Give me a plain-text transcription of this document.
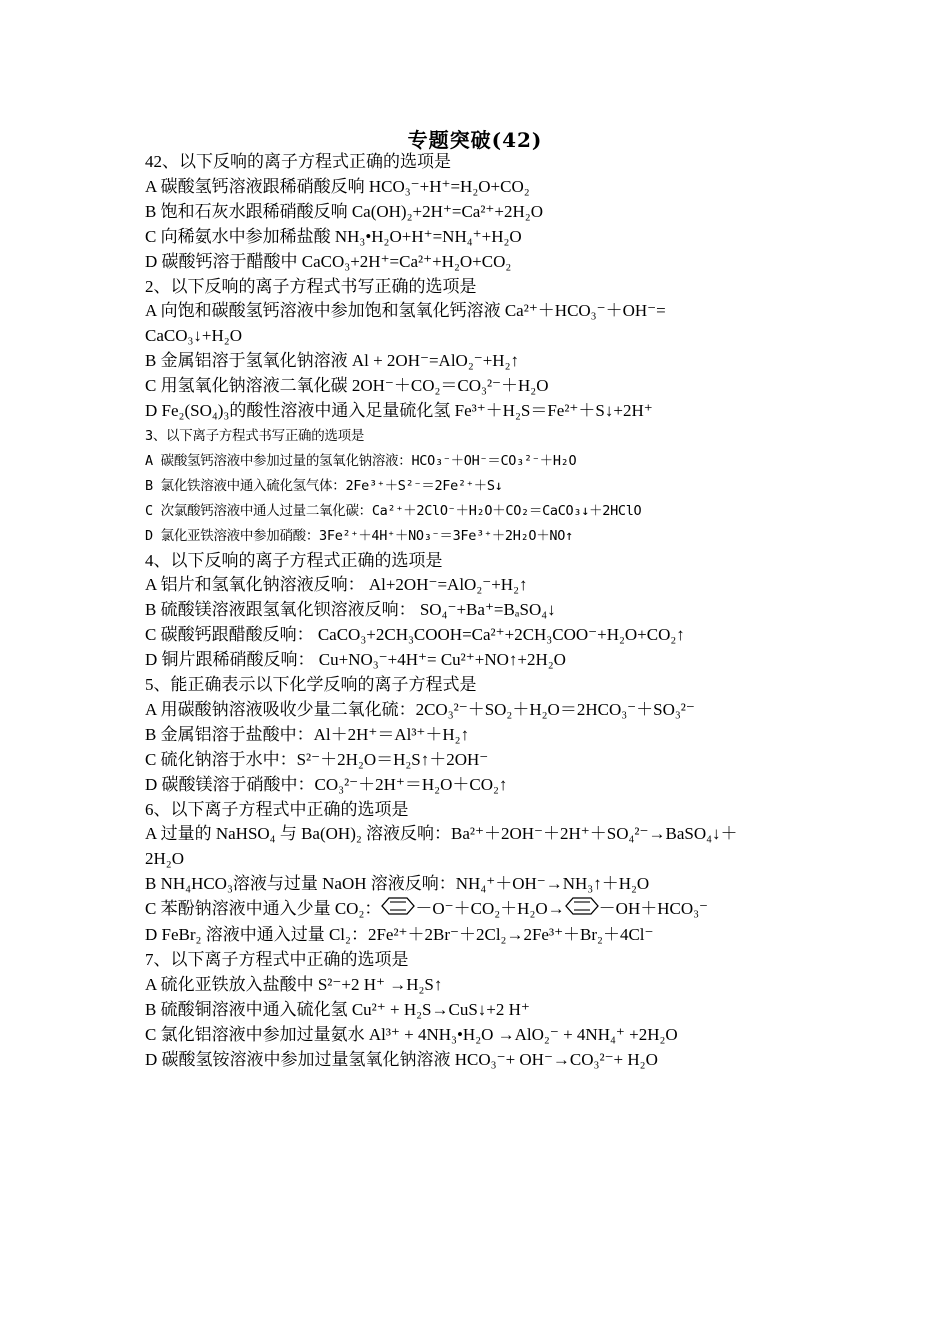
专题突破(42)
42、以下反响的离子方程式正确的选项是
A 碳酸氢钙溶液跟稀硝酸反响 HCO₃⁻+H⁺=H₂O+CO₂
B 饱和石灰水跟稀硝酸反响 Ca(OH)₂+2H⁺=Ca²⁺+2H₂O
C 向稀氨水中参加稀盐酸 NH₃•H₂O+H⁺=NH₄⁺+H₂O
D 碳酸钙溶于醋酸中 CaCO₃+2H⁺=Ca²⁺+H₂O+CO₂
2、以下反响的离子方程式书写正确的选项是
A 向饱和碳酸氢钙溶液中参加饱和氢氧化钙溶液 Ca²⁺＋HCO₃⁻＋OH⁻=
CaCO₃↓+H₂O
B 金属铝溶于氢氧化钠溶液 Al + 2OH⁻=AlO₂⁻+H₂↑
C 用氢氧化钠溶液二氧化碳 2OH⁻＋CO₂＝CO₃²⁻＋H₂O
D Fe₂(SO₄)₃的酸性溶液中通入足量硫化氢 Fe³⁺＋H₂S＝Fe²⁺＋S↓+2H⁺
3、以下离子方程式书写正确的选项是
A 碳酸氢钙溶液中参加过量的氢氧化钠溶液：HCO₃⁻＋OH⁻＝CO₃²⁻＋H₂O
B 氯化铁溶液中通入硫化氢气体：2Fe³⁺＋S²⁻＝2Fe²⁺＋S↓
C 次氯酸钙溶液中通人过量二氧化碳：Ca²⁺＋2ClO⁻＋H₂O＋CO₂＝CaCO₃↓＋2HClO
D 氯化亚铁溶液中参加硝酸：3Fe²⁺＋4H⁺＋NO₃⁻＝3Fe³⁺＋2H₂O＋NO↑
4、以下反响的离子方程式正确的选项是
A 铝片和氢氧化钠溶液反响： Al+2OH⁻=AlO₂⁻+H₂↑
B 硫酸镁溶液跟氢氧化钡溶液反响： SO₄⁻+Ba⁺=BₐSO₄↓
C 碳酸钙跟醋酸反响： CaCO₃+2CH₃COOH=Ca²⁺+2CH₃COO⁻+H₂O+CO₂↑
D 铜片跟稀硝酸反响： Cu+NO₃⁻+4H⁺= Cu²⁺+NO↑+2H₂O
5、能正确表示以下化学反响的离子方程式是
A 用碳酸钠溶液吸收少量二氧化硫：2CO₃²⁻＋SO₂＋H₂O＝2HCO₃⁻＋SO₃²⁻
B 金属铝溶于盐酸中：Al＋2H⁺＝Al³⁺＋H₂↑
C 硫化钠溶于水中：S²⁻＋2H₂O＝H₂S↑＋2OH⁻
D 碳酸镁溶于硝酸中：CO₃²⁻＋2H⁺＝H₂O＋CO₂↑
6、以下离子方程式中正确的选项是
A 过量的 NaHSO₄ 与 Ba(OH)₂ 溶液反响：Ba²⁺＋2OH⁻＋2H⁺＋SO₄²⁻→BaSO₄↓＋
2H₂O
B NH₄HCO₃溶液与过量 NaOH 溶液反响：NH₄⁺＋OH⁻→NH₃↑＋H₂O
C 苯酚钠溶液中通入少量 CO₂： －O⁻＋CO₂＋H₂O→ －OH＋HCO₃⁻
D FeBr₂ 溶液中通入过量 Cl₂：2Fe²⁺＋2Br⁻＋2Cl₂→2Fe³⁺＋Br₂＋4Cl⁻
7、以下离子方程式中正确的选项是
A 硫化亚铁放入盐酸中 S²⁻+2 H⁺ →H₂S↑
B 硫酸铜溶液中通入硫化氢 Cu²⁺ + H₂S→CuS↓+2 H⁺
C 氯化铝溶液中参加过量氨水 Al³⁺ + 4NH₃•H₂O →AlO₂⁻ + 4NH₄⁺ +2H₂O
D 碳酸氢铵溶液中参加过量氢氧化钠溶液 HCO₃⁻+ OH⁻→CO₃²⁻+ H₂O
